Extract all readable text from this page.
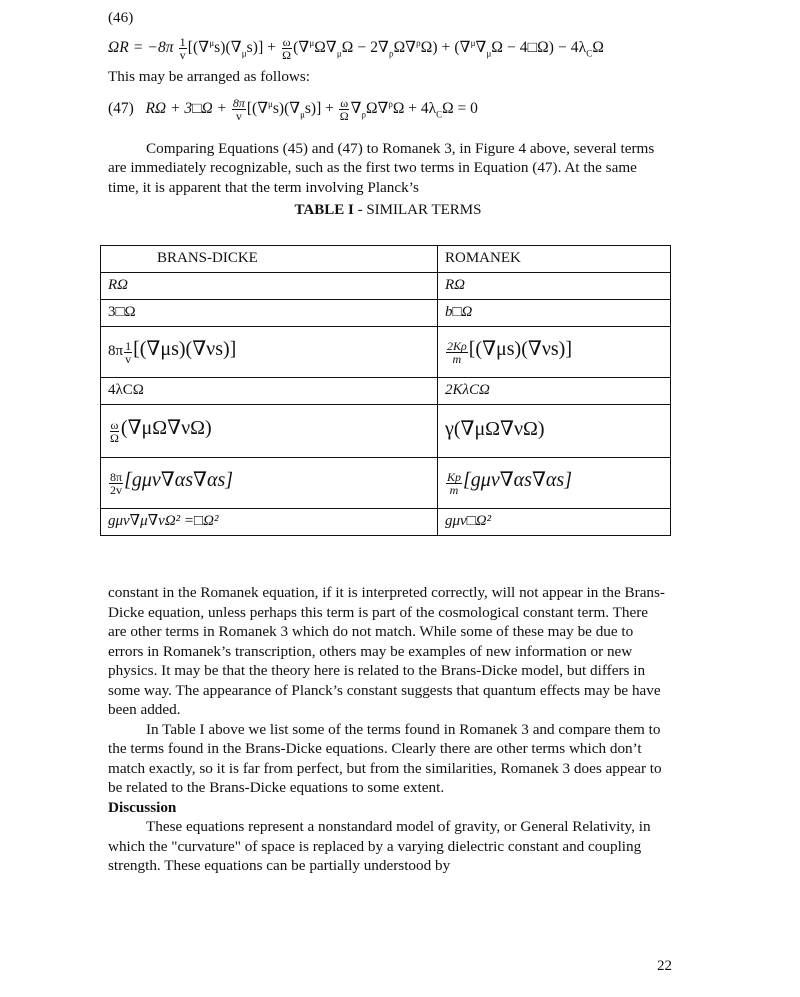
(46)

$\Omega R = -8\pi \frac{1}{v} [(\nabla^\mu s)(\nabla_\mu s)] + \frac{\omega}{\Omega} (\nabla^\mu\Omega\nabla_\mu\Omega - 2\nabla_\rho\Omega\nabla^\rho\Omega) + (\nabla^\mu\nabla_\mu\Omega$ − 4□Ω) − $4\lambda_C\Omega$

This may be arranged as follows:

(47) RΩ + 3□Ω + $\frac{8\pi}{v} [(\nabla^\mu s)(\nabla_\mu s)] + \frac{\omega}{\Omega} \nabla_\rho\Omega\nabla^\rho\Omega + 4\lambda_C\Omega = 0$

Comparing Equations (45) and (47) to Romanek 3, in Figure 4 above, several terms are immediately recognizable, such as the first two terms in Equation (47). At the same time, it is apparent that the term involving Planck’s

TABLE I - SIMILAR TERMS

BRANS-DICKE	ROMANEK
RΩ	RΩ
3□Ω	b□Ω
$8\pi \frac{1}{v} [(\nabla\mu s)(\nabla\nu s)]$	$\frac{2K\rho}{m} [(\nabla\mu s)(\nabla\nu s)]$
4λCΩ	2KλCΩ

$\frac{\omega}{\Omega} (\nabla\mu\Omega\nabla\nu\Omega)$	γ(∇μΩ∇νΩ)

$\frac{8\pi}{2v} [g\mu\nu\nabla\alpha s\nabla\alpha s]$	$\frac{Kp}{m} [g\mu\nu\nabla\alpha s\nabla\alpha s]$
gμν∇μ∇νΩ² =□Ω²	gμν□Ω²

constant in the Romanek equation, if it is interpreted correctly, will not appear in the Brans-Dicke equation, unless perhaps this term is part of the cosmological constant term. There are other terms in Romanek 3 which do not match. While some of these may be due to errors in Romanek’s transcription, others may be examples of new information or new physics. It may be that the theory here is related to the Brans-Dicke model, but differs in some way. The appearance of Planck’s constant suggests that quantum effects may be have been added.

In Table I above we list some of the terms found in Romanek 3 and compare them to the terms found in the Brans-Dicke equations. Clearly there are other terms which don’t match exactly, so it is far from perfect, but from the similarities, Romanek 3 does appear to be related to the Brans-Dicke equations to some extent.

Discussion

These equations represent a nonstandard model of gravity, or General Relativity, in which the "curvature" of space is replaced by a varying dielectric constant and coupling strength. These equations can be partially understood by

22
